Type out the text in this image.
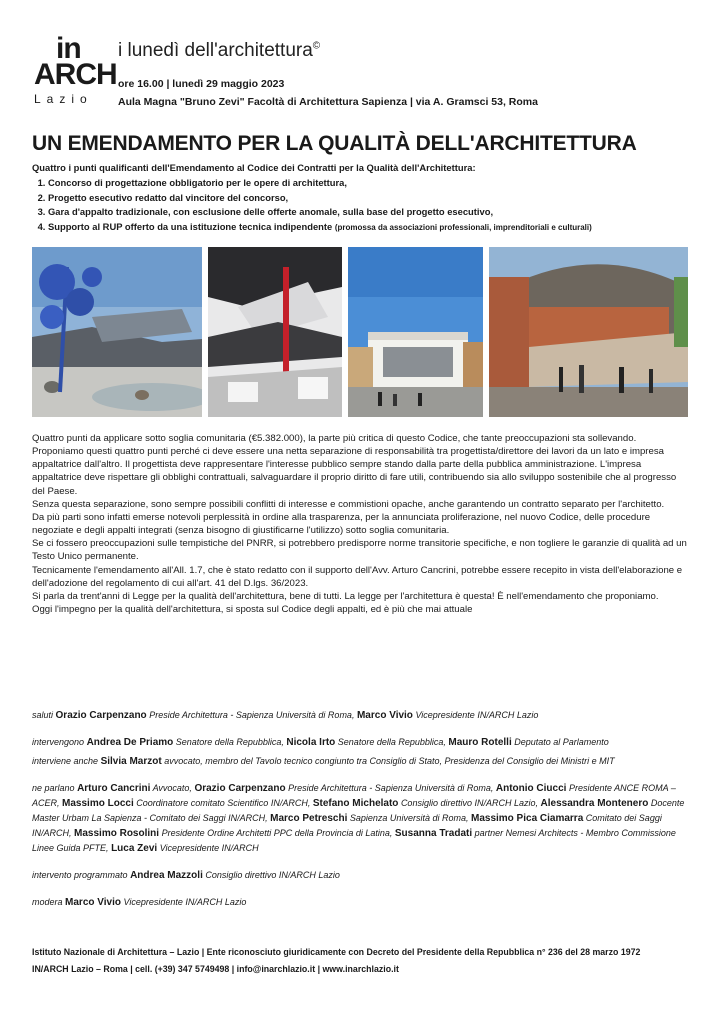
in
ARCH
Lazio
i lunedì dell'architettura©
ore 16.00 | lunedì 29 maggio 2023
Aula Magna "Bruno Zevi" Facoltà di Architettura Sapienza | via A. Gramsci 53, Roma
UN EMENDAMENTO PER LA QUALITÀ DELL'ARCHITETTURA
Quattro i punti qualificanti dell'Emendamento al Codice dei Contratti per la Qualità dell'Architettura:
1. Concorso di progettazione obbligatorio per le opere di architettura,
2. Progetto esecutivo redatto dal vincitore del concorso,
3. Gara d'appalto tradizionale, con esclusione delle offerte anomale, sulla base del progetto esecutivo,
4. Supporto al RUP offerto da una istituzione tecnica indipendente (promossa da associazioni professionali, imprenditoriali e culturali)

Quattro punti da applicare sotto soglia comunitaria (€5.382.000), la parte più critica di questo Codice, che tante preoccupazioni sta sollevando.

Proponiamo questi quattro punti perché ci deve essere una netta separazione di responsabilità tra progettista/direttore dei lavori da un lato e impresa appaltatrice dall'altro. Il progettista deve rappresentare l'interesse pubblico sempre stando dalla parte della pubblica amministrazione. L'impresa appaltatrice deve rispettare gli obblighi contrattuali, salvaguardare il proprio diritto di fare utili, contribuendo sia allo sviluppo sostenibile che al progresso del Paese.

Senza questa separazione, sono sempre possibili conflitti di interesse e commistioni opache, anche garantendo un contratto separato per l'architetto.

Da più parti sono infatti emerse notevoli perplessità in ordine alla trasparenza, per la annunciata proliferazione, nel nuovo Codice, delle procedure negoziate e degli appalti integrati (senza bisogno di giustificarne l'utilizzo) sotto soglia comunitaria.

Se ci fossero preoccupazioni sulle tempistiche del PNRR, si potrebbero predisporre norme transitorie specifiche, e non togliere le garanzie di qualità ad un Testo Unico permanente.

Tecnicamente l'emendamento all'All. 1.7, che è stato redatto con il supporto dell'Avv. Arturo Cancrini, potrebbe essere recepito in vista dell'elaborazione e dell'adozione del regolamento di cui all'art. 41 del D.lgs. 36/2023.

Si parla da trent'anni di Legge per la qualità dell'architettura, bene di tutti. La legge per l'architettura è questa! È nell'emendamento che proponiamo.

Oggi l'impegno per la qualità dell'architettura, si sposta sul Codice degli appalti, ed è più che mai attuale

saluti Orazio Carpenzano Preside Architettura - Sapienza Università di Roma, Marco Vivio Vicepresidente IN/ARCH Lazio

intervengono Andrea De Priamo Senatore della Repubblica, Nicola Irto Senatore della Repubblica, Mauro Rotelli Deputato al Parlamento

interviene anche Silvia Marzot avvocato, membro del Tavolo tecnico congiunto tra Consiglio di Stato, Presidenza del Consiglio dei Ministri e MIT

ne parlano Arturo Cancrini Avvocato, Orazio Carpenzano Preside Architettura - Sapienza Università di Roma, Antonio Ciucci Presidente ANCE ROMA – ACER, Massimo Locci Coordinatore comitato Scientifico IN/ARCH, Stefano Michelato Consiglio direttivo IN/ARCH Lazio, Alessandra Montenero Docente Master Urbam La Sapienza - Comitato dei Saggi IN/ARCH, Marco Petreschi Sapienza Università di Roma, Massimo Pica Ciamarra Comitato dei Saggi IN/ARCH, Massimo Rosolini Presidente Ordine Architetti PPC della Provincia di Latina, Susanna Tradati partner Nemesi Architects - Membro Commissione Linee Guida PFTE, Luca Zevi Vicepresidente IN/ARCH

intervento programmato Andrea Mazzoli Consiglio direttivo IN/ARCH Lazio

modera Marco Vivio Vicepresidente IN/ARCH Lazio

Istituto Nazionale di Architettura – Lazio | Ente riconosciuto giuridicamente con Decreto del Presidente della Repubblica n° 236 del 28 marzo 1972
IN/ARCH Lazio – Roma | cell. (+39) 347 5749498 | info@inarchlazio.it | www.inarchlazio.it
